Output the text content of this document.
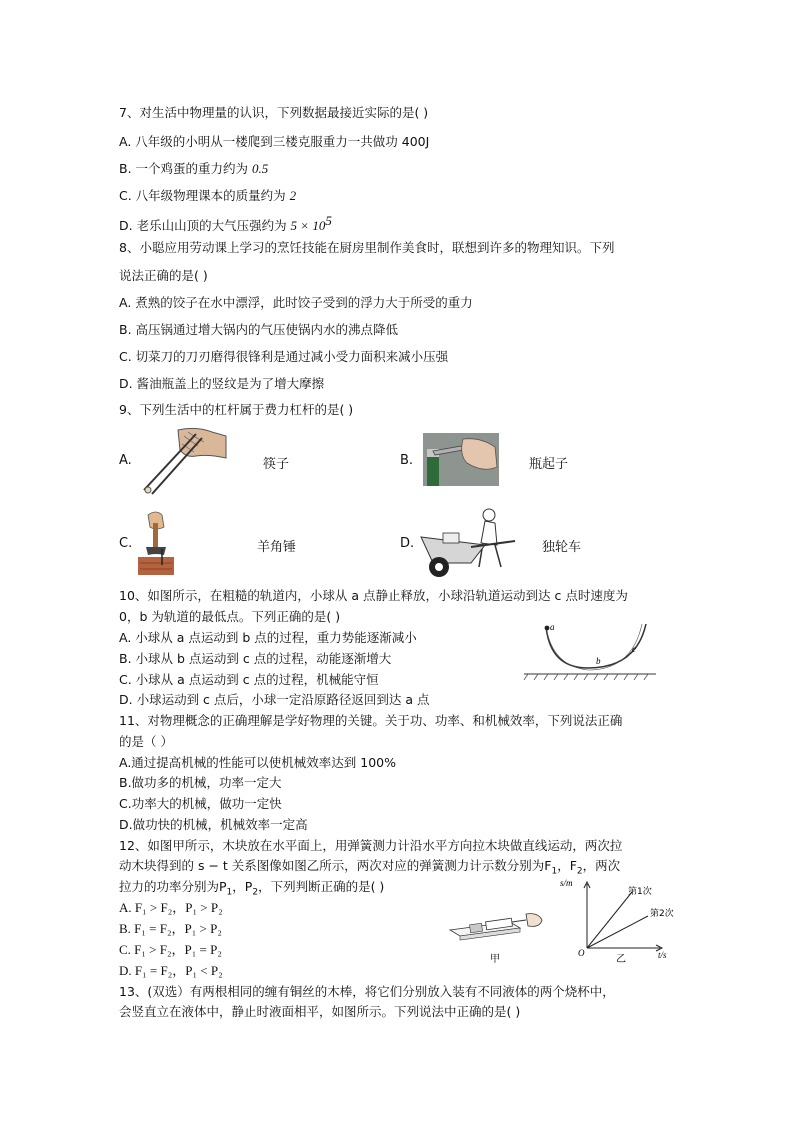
7、对生活中物理量的认识，下列数据最接近实际的是( )
A. 八年级的小明从一楼爬到三楼克服重力一共做功 400J
B. 一个鸡蛋的重力约为 0.5
C. 八年级物理课本的质量约为 2
D. 老乐山山顶的大气压强约为 $5 \times 10^5$
8、小聪应用劳动课上学习的烹饪技能在厨房里制作美食时，联想到许多的物理知识。下列
说法正确的是( )
A. 煮熟的饺子在水中漂浮，此时饺子受到的浮力大于所受的重力
B. 高压锅通过增大锅内的气压使锅内水的沸点降低
C. 切菜刀的刀刃磨得很锋利是通过减小受力面积来减小压强
D. 酱油瓶盖上的竖纹是为了增大摩擦
9、下列生活中的杠杆属于费力杠杆的是( )
A.	筷子	B.	瓶起子
C.	羊角锤	D.	独轮车
10、如图所示，在粗糙的轨道内，小球从 a 点静止释放，小球沿轨道运动到达 c 点时速度为
0，b 为轨道的最低点。下列正确的是( )
A. 小球从 a 点运动到 b 点的过程，重力势能逐渐减小
B. 小球从 b 点运动到 c 点的过程，动能逐渐增大
C. 小球从 a 点运动到 c 点的过程，机械能守恒
D. 小球运动到 c 点后，小球一定沿原路径返回到达 a 点
a
b
c
11、对物理概念的正确理解是学好物理的关键。关于功、功率、和机械效率，下列说法正确
的是（ ）
A.通过提高机械的性能可以使机械效率达到 100%
B.做功多的机械，功率一定大
C.功率大的机械，做功一定快
D.做功快的机械，机械效率一定高
12、如图甲所示，木块放在水平面上，用弹簧测力计沿水平方向拉木块做直线运动，两次拉
动木块得到的 s − t 关系图像如图乙所示，两次对应的弹簧测力计示数分别为$F_1$，$F_2$，两次
拉力的功率分别为$P_1$，$P_2$，下列判断正确的是( )
A. F₁ > F₂，P₁ > P₂
B. F₁ = F₂，P₁ > P₂
C. F₁ > F₂，P₁ = P₂
D. F₁ = F₂，P₁ < P₂
甲
s/m
t/s
O
第1次
第2次
乙
13、(双选）有两根相同的缠有铜丝的木棒，将它们分别放入装有不同液体的两个烧杯中，
会竖直立在液体中，静止时液面相平，如图所示。下列说法中正确的是( )
